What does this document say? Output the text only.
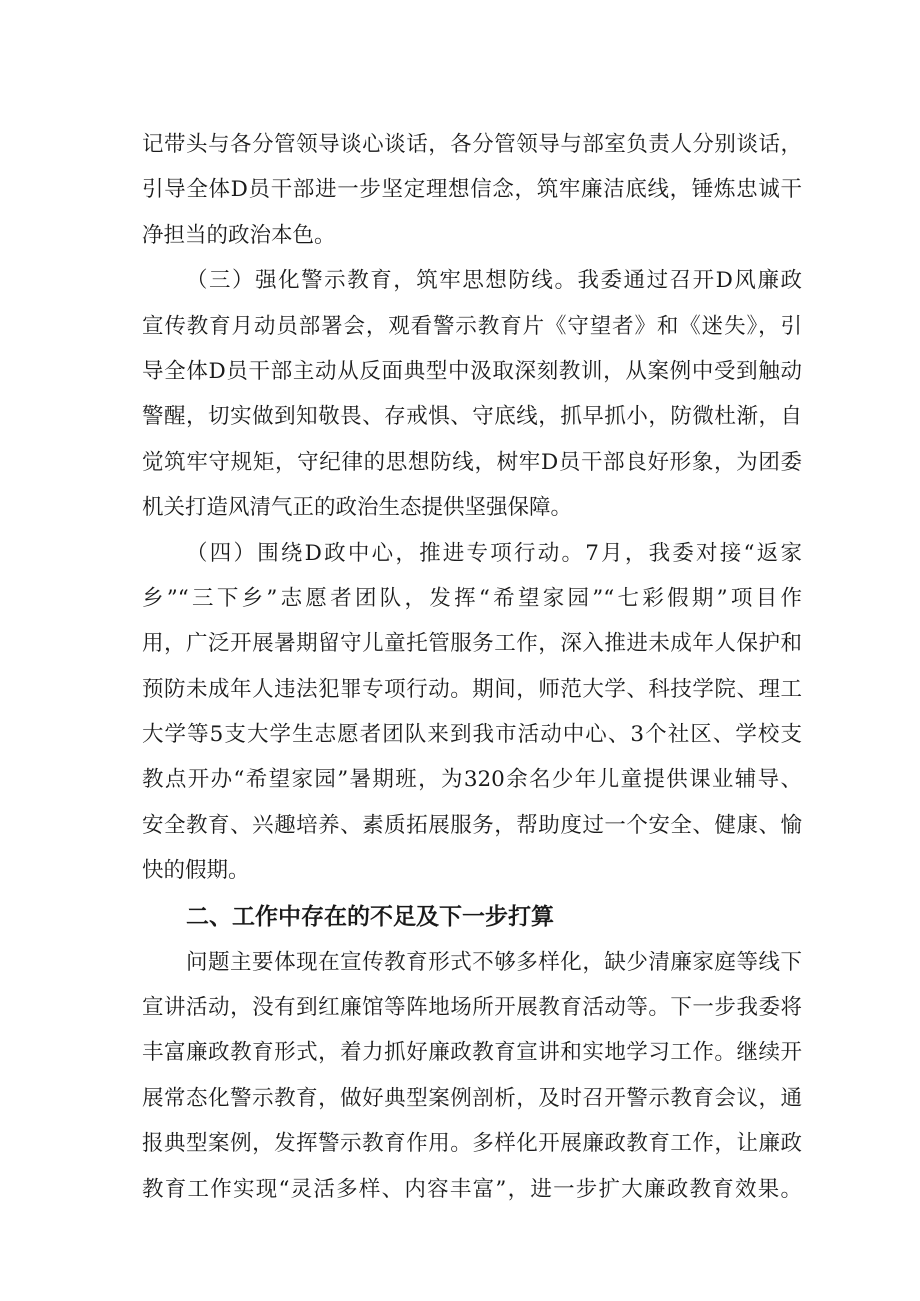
记带头与各分管领导谈心谈话，各分管领导与部室负责人分别谈话，
引导全体D员干部进一步坚定理想信念，筑牢廉洁底线，锤炼忠诚干
净担当的政治本色。
（三）强化警示教育，筑牢思想防线。我委通过召开D风廉政
宣传教育月动员部署会，观看警示教育片《守望者》和《迷失》，引
导全体D员干部主动从反面典型中汲取深刻教训，从案例中受到触动
警醒，切实做到知敬畏、存戒惧、守底线，抓早抓小，防微杜渐，自
觉筑牢守规矩，守纪律的思想防线，树牢D员干部良好形象，为团委
机关打造风清气正的政治生态提供坚强保障。
（四）围绕D政中心，推进专项行动。7月，我委对接“返家
乡”“三下乡”志愿者团队，发挥“希望家园”“七彩假期”项目作
用，广泛开展暑期留守儿童托管服务工作，深入推进未成年人保护和
预防未成年人违法犯罪专项行动。期间，师范大学、科技学院、理工
大学等5支大学生志愿者团队来到我市活动中心、3个社区、学校支
教点开办“希望家园”暑期班，为320余名少年儿童提供课业辅导、
安全教育、兴趣培养、素质拓展服务，帮助度过一个安全、健康、愉
快的假期。
二、工作中存在的不足及下一步打算
问题主要体现在宣传教育形式不够多样化，缺少清廉家庭等线下
宣讲活动，没有到红廉馆等阵地场所开展教育活动等。下一步我委将
丰富廉政教育形式，着力抓好廉政教育宣讲和实地学习工作。继续开
展常态化警示教育，做好典型案例剖析，及时召开警示教育会议，通
报典型案例，发挥警示教育作用。多样化开展廉政教育工作，让廉政
教育工作实现“灵活多样、内容丰富”，进一步扩大廉政教育效果。
